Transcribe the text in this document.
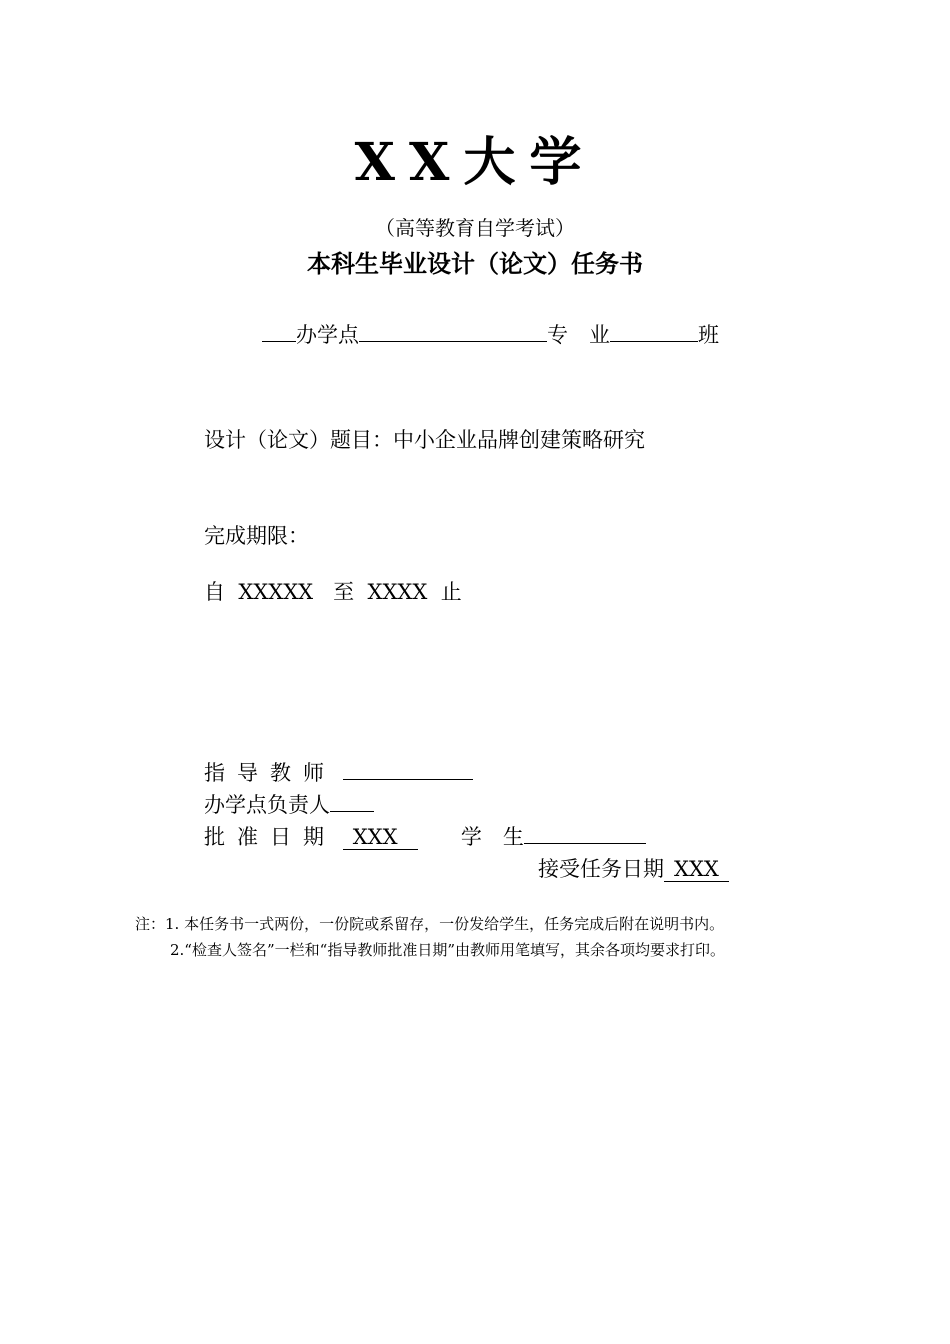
XX大学
（高等教育自学考试）
本科生毕业设计（论文）任务书
办学点	专　业	班
设计（论文）题目：中小企业品牌创建策略研究
完成期限：
自 XXXXX 至 XXXX 止
指导教师
办学点负责人
批准日期 XXX	学　生
接受任务日期 XXX
注：1. 本任务书一式两份，一份院或系留存，一份发给学生，任务完成后附在说明书内。
2.“检查人签名”一栏和“指导教师批准日期”由教师用笔填写，其余各项均要求打印。
